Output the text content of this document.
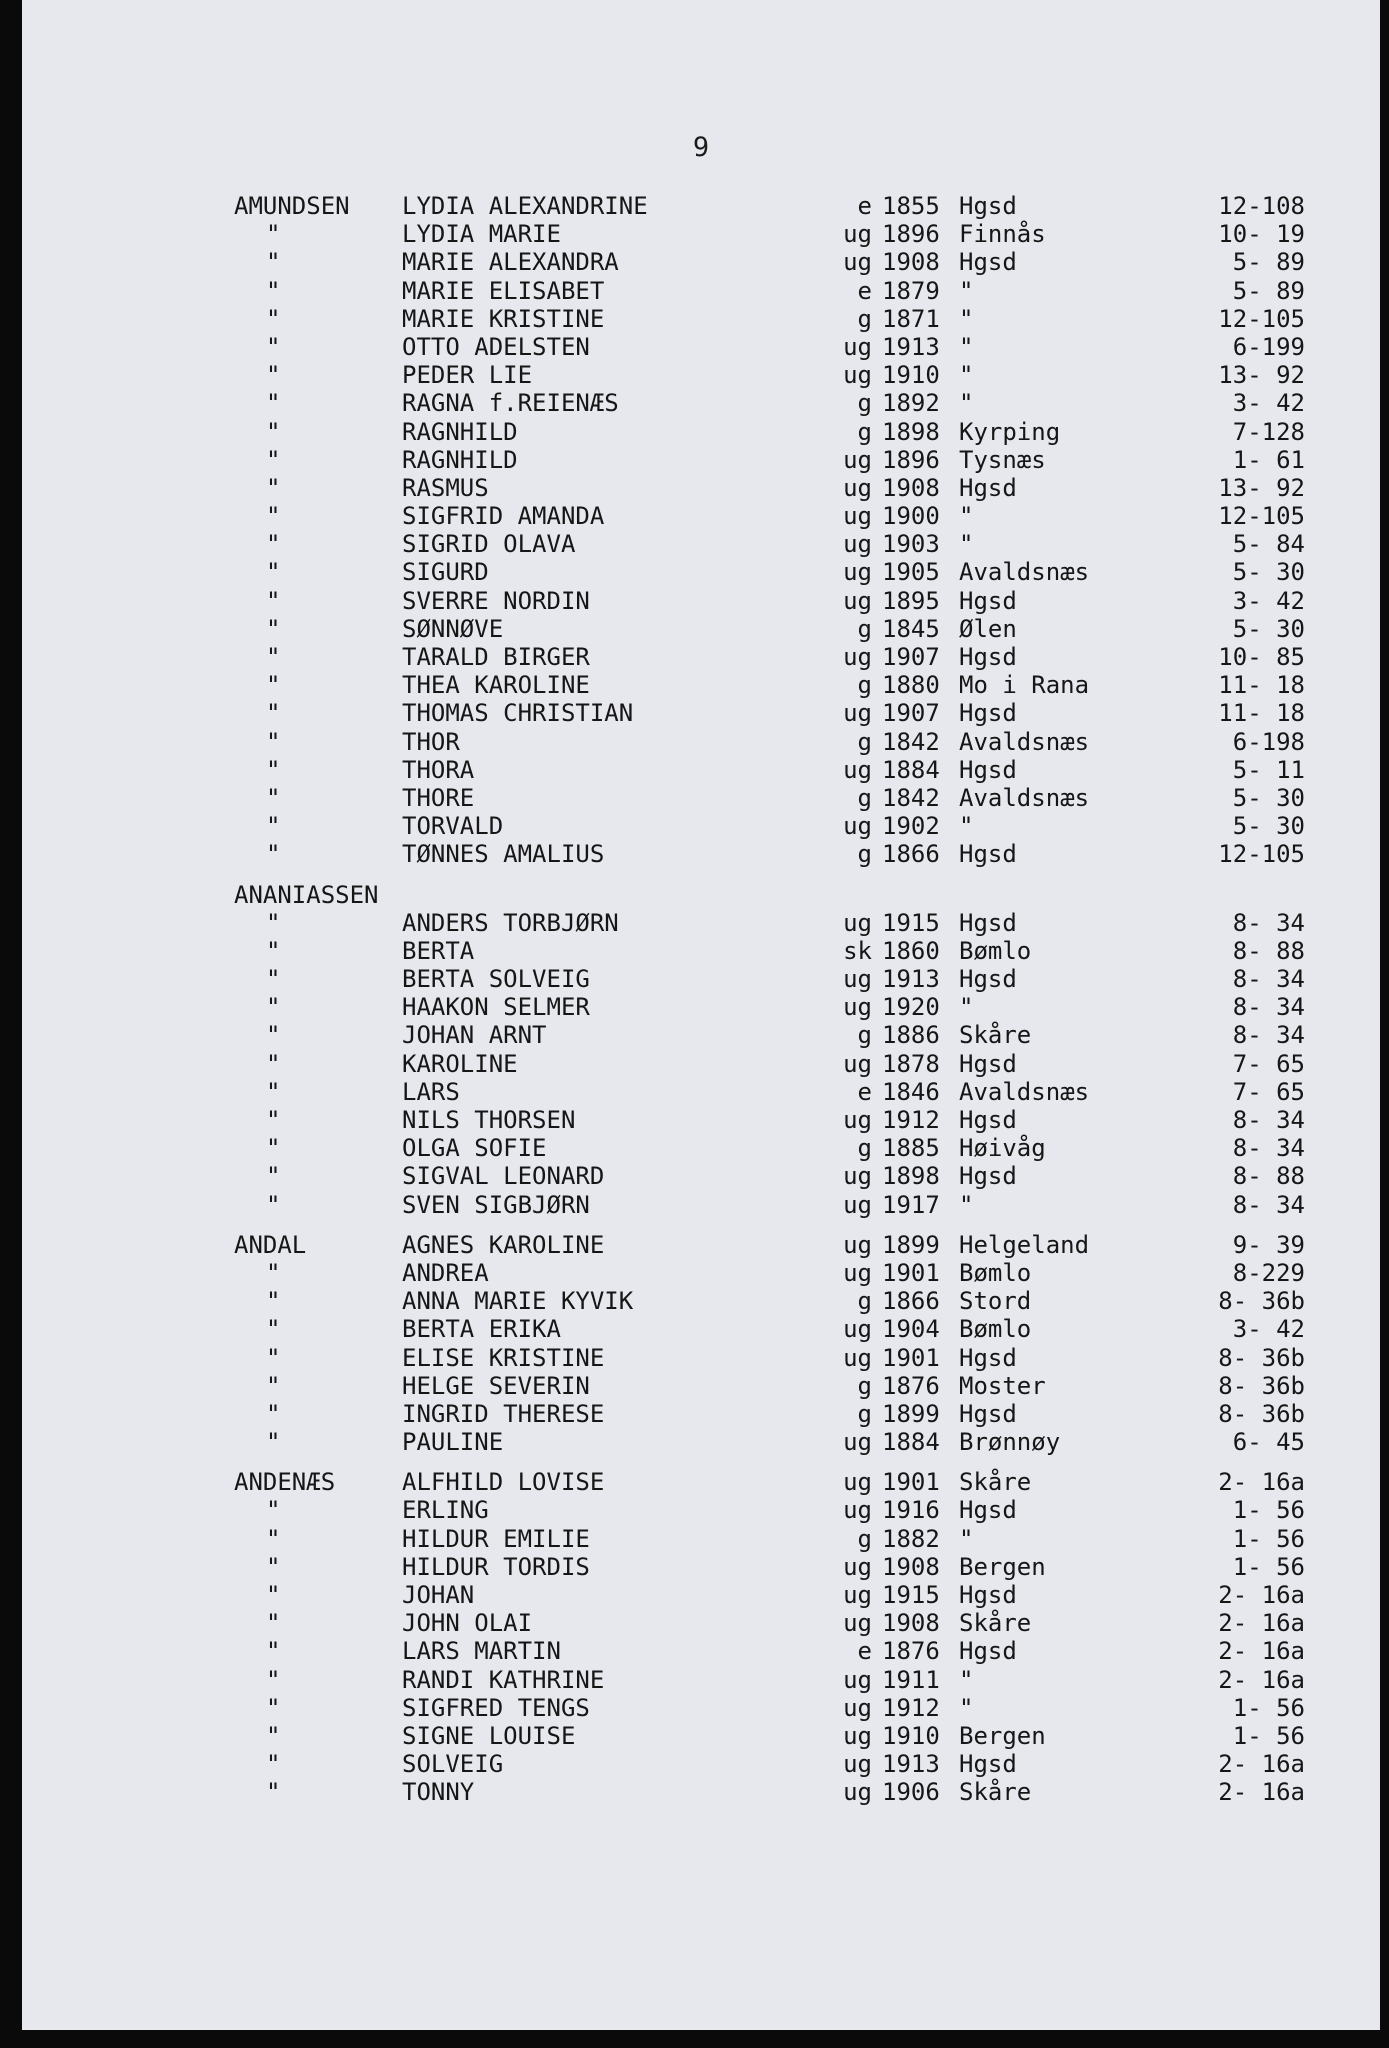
9
AMUNDSEN LYDIA ALEXANDRINE	e 1855 Hgsd	12-108
"	LYDIA MARIE	ug 1896 Finnås	10- 19
"	MARIE ALEXANDRA	ug 1908 Hgsd	5- 89
"	MARIE ELISABET	e 1879 "	5- 89
"	MARIE KRISTINE	g 1871 "	12-105
"	OTTO ADELSTEN	ug 1913 "	6-199
"	PEDER LIE	ug 1910 "	13- 92
"	RAGNA f.REIENÆS	g 1892 "	3- 42
"	RAGNHILD	g 1898 Kyrping	7-128
"	RAGNHILD	ug 1896 Tysnæs	1- 61
"	RASMUS	ug 1908 Hgsd	13- 92
"	SIGFRID AMANDA	ug 1900 "	12-105
"	SIGRID OLAVA	ug 1903 "	5- 84
"	SIGURD	ug 1905 Avaldsnæs	5- 30
"	SVERRE NORDIN	ug 1895 Hgsd	3- 42
"	SØNNØVE	g 1845 Ølen	5- 30
"	TARALD BIRGER	ug 1907 Hgsd	10- 85
"	THEA KAROLINE	g 1880 Mo i Rana	11- 18
"	THOMAS CHRISTIAN	ug 1907 Hgsd	11- 18
"	THOR	g 1842 Avaldsnæs	6-198
"	THORA	ug 1884 Hgsd	5- 11
"	THORE	g 1842 Avaldsnæs	5- 30
"	TORVALD	ug 1902 "	5- 30
"	TØNNES AMALIUS	g 1866 Hgsd	12-105
ANANIASSEN
"	ANDERS TORBJØRN	ug 1915 Hgsd	8- 34
"	BERTA	sk 1860 Bømlo	8- 88
"	BERTA SOLVEIG	ug 1913 Hgsd	8- 34
"	HAAKON SELMER	ug 1920 "	8- 34
"	JOHAN ARNT	g 1886 Skåre	8- 34
"	KAROLINE	ug 1878 Hgsd	7- 65
"	LARS	e 1846 Avaldsnæs	7- 65
"	NILS THORSEN	ug 1912 Hgsd	8- 34
"	OLGA SOFIE	g 1885 Høivåg	8- 34
"	SIGVAL LEONARD	ug 1898 Hgsd	8- 88
"	SVEN SIGBJØRN	ug 1917 "	8- 34
ANDAL	AGNES KAROLINE	ug 1899 Helgeland	9- 39
"	ANDREA	ug 1901 Bømlo	8-229
"	ANNA MARIE KYVIK	g 1866 Stord	8- 36b
"	BERTA ERIKA	ug 1904 Bømlo	3- 42
"	ELISE KRISTINE	ug 1901 Hgsd	8- 36b
"	HELGE SEVERIN	g 1876 Moster	8- 36b
"	INGRID THERESE	g 1899 Hgsd	8- 36b
"	PAULINE	ug 1884 Brønnøy	6- 45
ANDENÆS	ALFHILD LOVISE	ug 1901 Skåre	2- 16a
"	ERLING	ug 1916 Hgsd	1- 56
"	HILDUR EMILIE	g 1882 "	1- 56
"	HILDUR TORDIS	ug 1908 Bergen	1- 56
"	JOHAN	ug 1915 Hgsd	2- 16a
"	JOHN OLAI	ug 1908 Skåre	2- 16a
"	LARS MARTIN	e 1876 Hgsd	2- 16a
"	RANDI KATHRINE	ug 1911 "	2- 16a
"	SIGFRED TENGS	ug 1912 "	1- 56
"	SIGNE LOUISE	ug 1910 Bergen	1- 56
"	SOLVEIG	ug 1913 Hgsd	2- 16a
"	TONNY	ug 1906 Skåre	2- 16a
